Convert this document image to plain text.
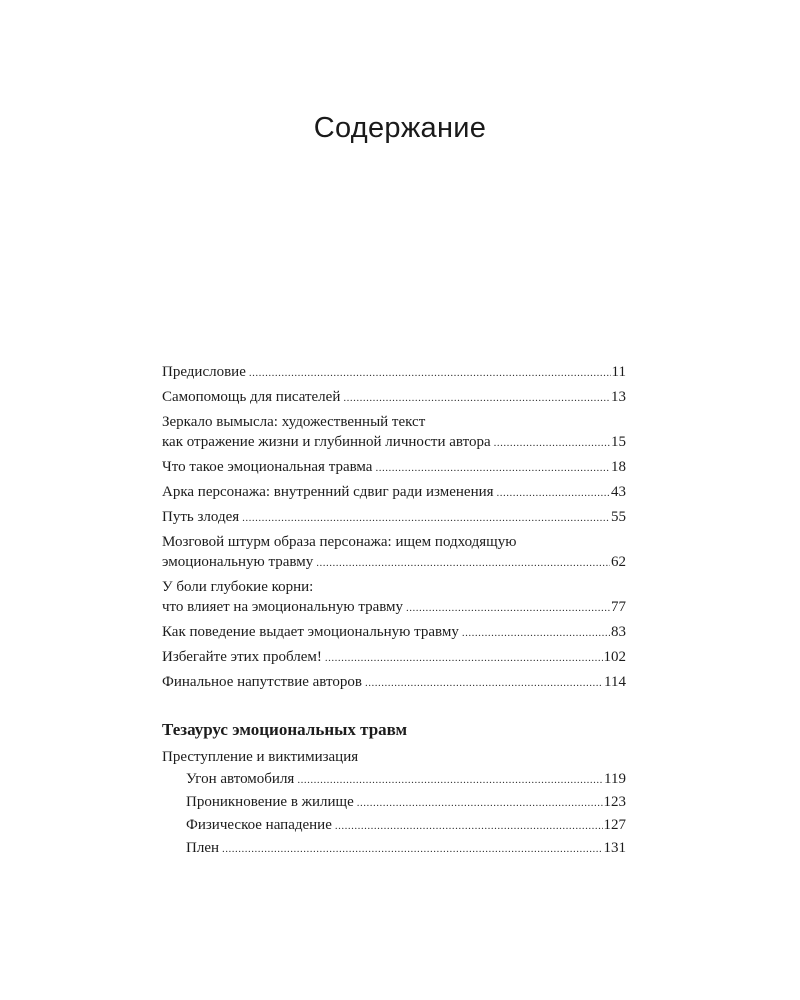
Содержание
Предисловие .....	11
Самопомощь для писателей .....	13
Зеркало вымысла: художественный текст
как отражение жизни и глубинной личности автора .....	15
Что такое эмоциональная травма .....	18
Арка персонажа: внутренний сдвиг ради изменения .....	43
Путь злодея .....	55
Мозговой штурм образа персонажа: ищем подходящую
эмоциональную травму .....	62
У боли глубокие корни:
что влияет на эмоциональную травму .....	77
Как поведение выдает эмоциональную травму .....	83
Избегайте этих проблем! .....	102
Финальное напутствие авторов .....	114
Тезаурус эмоциональных травм
Преступление и виктимизация
Угон автомобиля .....	119
Проникновение в жилище .....	123
Физическое нападение .....	127
Плен .....	131
